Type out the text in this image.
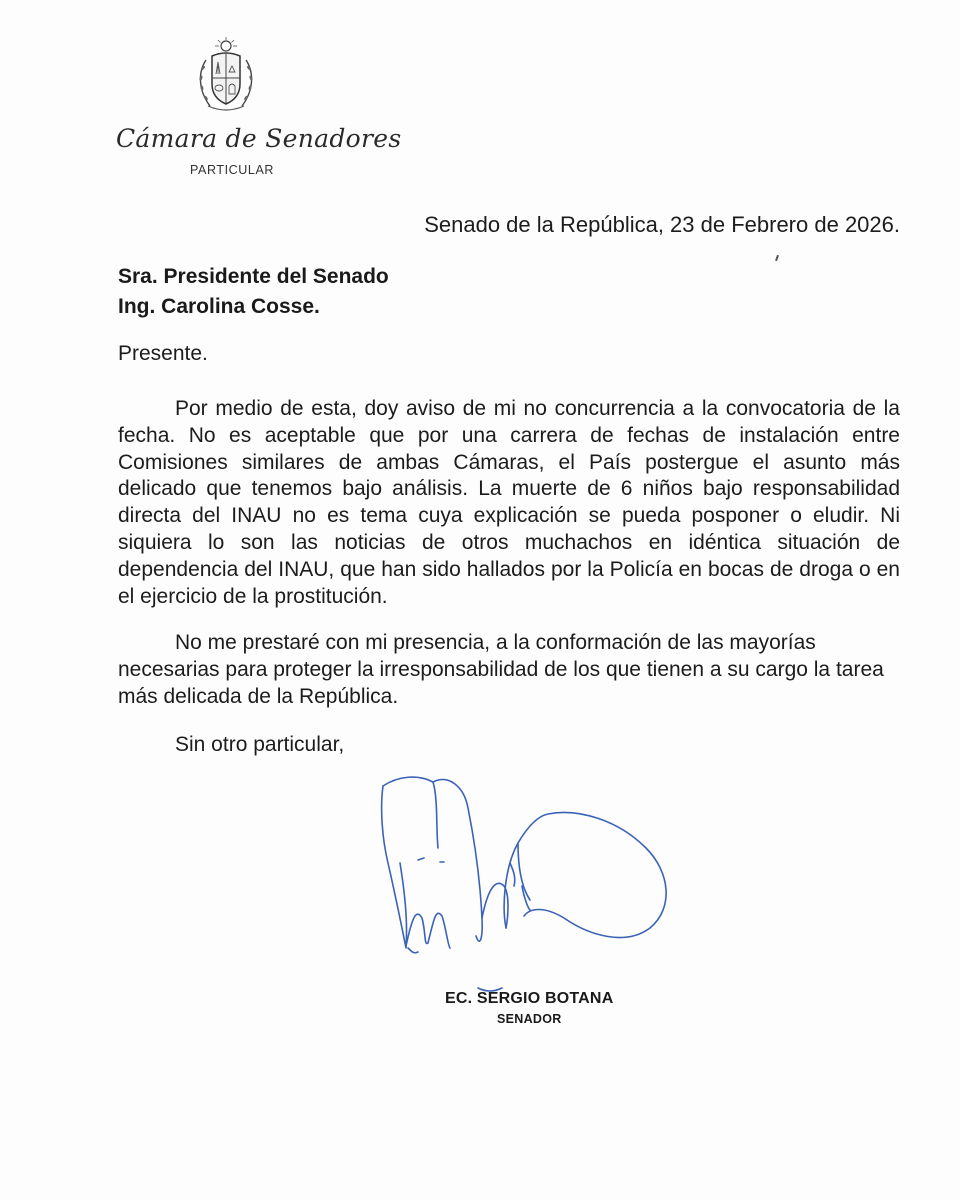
Cámara de Senadores
PARTICULAR
Senado de la República, 23 de Febrero de 2026.
Sra. Presidente del Senado
Ing. Carolina Cosse.
Presente.
Por medio de esta, doy aviso de mi no concurrencia a la convocatoria de la fecha. No es aceptable que por una carrera de fechas de instalación entre Comisiones similares de ambas Cámaras, el País postergue el asunto más delicado que tenemos bajo análisis. La muerte de 6 niños bajo responsabilidad directa del INAU no es tema cuya explicación se pueda posponer o eludir. Ni siquiera lo son las noticias de otros muchachos en idéntica situación de dependencia del INAU, que han sido hallados por la Policía en bocas de droga o en el ejercicio de la prostitución.
No me prestaré con mi presencia, a la conformación de las mayorías necesarias para proteger la irresponsabilidad de los que tienen a su cargo la tarea más delicada de la República.
Sin otro particular,
EC. SERGIO BOTANA
SENADOR
